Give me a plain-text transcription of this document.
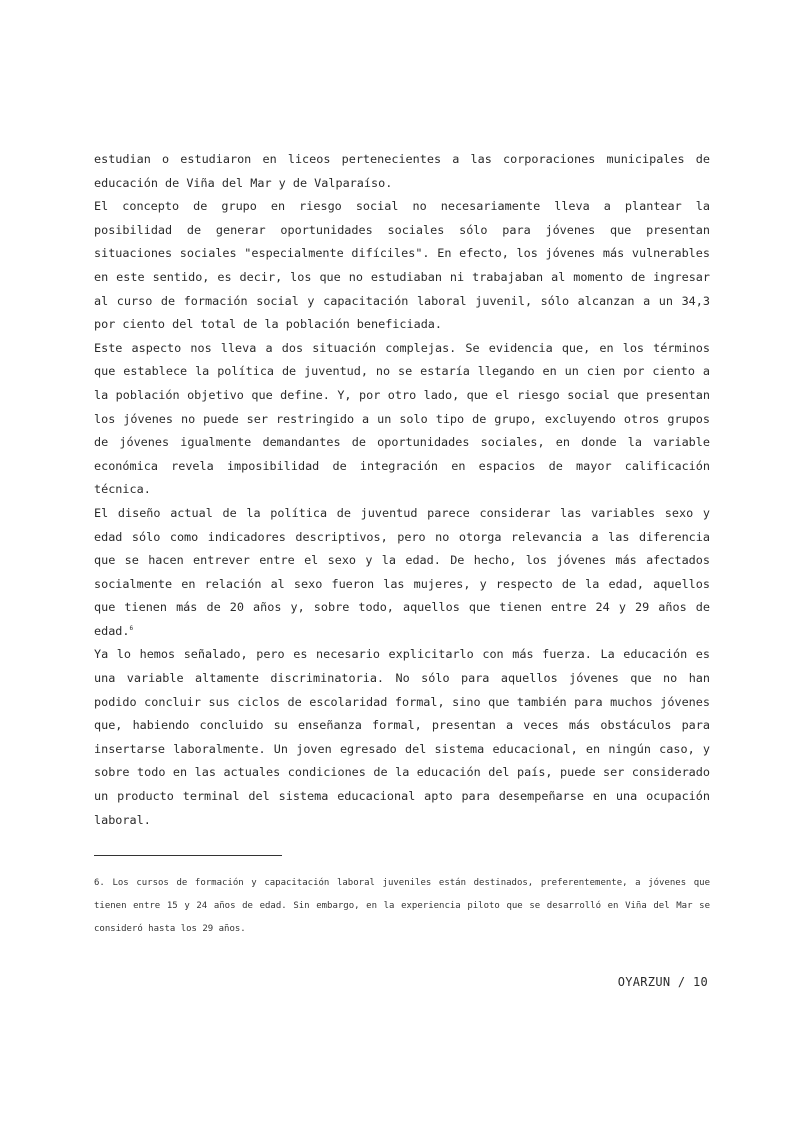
estudian o estudiaron en liceos pertenecientes a las corporaciones municipales de educación de Viña del Mar y de Valparaíso.

El concepto de grupo en riesgo social no necesariamente lleva a plantear la posibilidad de generar oportunidades sociales sólo para jóvenes que presentan situaciones sociales "especialmente difíciles". En efecto, los jóvenes más vulnerables en este sentido, es decir, los que no estudiaban ni trabajaban al momento de ingresar al curso de formación social y capacitación laboral juvenil, sólo alcanzan a un 34,3 por ciento del total de la población beneficiada.

Este aspecto nos lleva a dos situación complejas. Se evidencia que, en los términos que establece la política de juventud, no se estaría llegando en un cien por ciento a la población objetivo que define. Y, por otro lado, que el riesgo social que presentan los jóvenes no puede ser restringido a un solo tipo de grupo, excluyendo otros grupos de jóvenes igualmente demandantes de oportunidades sociales, en donde la variable económica revela imposibilidad de integración en espacios de mayor calificación técnica.

El diseño actual de la política de juventud parece considerar las variables sexo y edad sólo como indicadores descriptivos, pero no otorga relevancia a las diferencia que se hacen entrever entre el sexo y la edad. De hecho, los jóvenes más afectados socialmente en relación al sexo fueron las mujeres, y respecto de la edad, aquellos que tienen más de 20 años y, sobre todo, aquellos que tienen entre 24 y 29 años de edad.$^6$

Ya lo hemos señalado, pero es necesario explicitarlo con más fuerza. La educación es una variable altamente discriminatoria. No sólo para aquellos jóvenes que no han podido concluir sus ciclos de escolaridad formal, sino que también para muchos jóvenes que, habiendo concluido su enseñanza formal, presentan a veces más obstáculos para insertarse laboralmente. Un joven egresado del sistema educacional, en ningún caso, y sobre todo en las actuales condiciones de la educación del país, puede ser considerado un producto terminal del sistema educacional apto para desempeñarse en una ocupación laboral.

6. Los cursos de formación y capacitación laboral juveniles están destinados, preferentemente, a jóvenes que tienen entre 15 y 24 años de edad. Sin embargo, en la experiencia piloto que se desarrolló en Viña del Mar se consideró hasta los 29 años.
OYARZUN / 10
